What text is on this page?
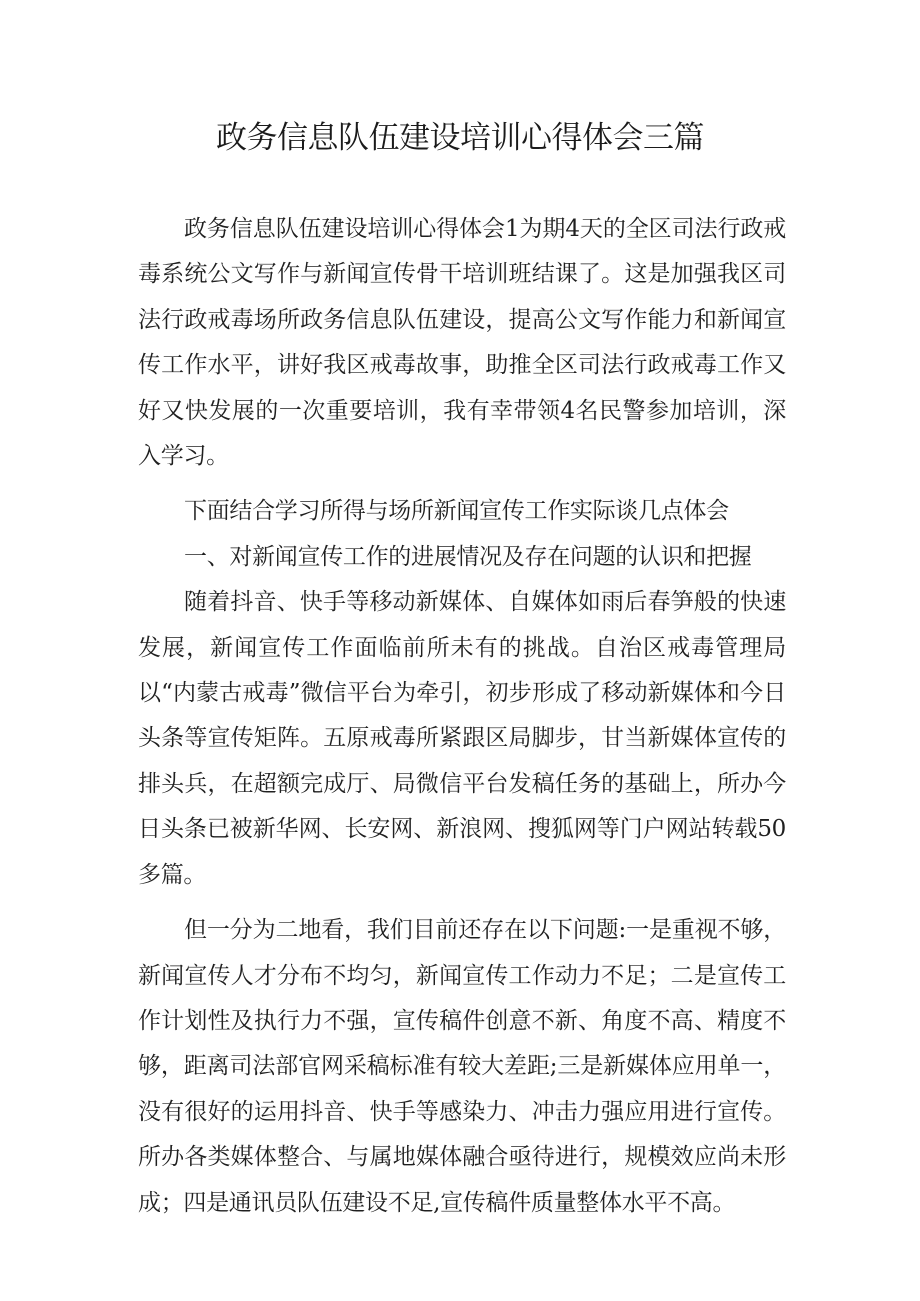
政务信息队伍建设培训心得体会三篇

政务信息队伍建设培训心得体会1为期4天的全区司法行政戒毒系统公文写作与新闻宣传骨干培训班结课了。这是加强我区司法行政戒毒场所政务信息队伍建设，提高公文写作能力和新闻宣传工作水平，讲好我区戒毒故事，助推全区司法行政戒毒工作又好又快发展的一次重要培训，我有幸带领4名民警参加培训，深入学习。

下面结合学习所得与场所新闻宣传工作实际谈几点体会

一、对新闻宣传工作的进展情况及存在问题的认识和把握

随着抖音、快手等移动新媒体、自媒体如雨后春笋般的快速发展，新闻宣传工作面临前所未有的挑战。自治区戒毒管理局以“内蒙古戒毒”微信平台为牵引，初步形成了移动新媒体和今日头条等宣传矩阵。五原戒毒所紧跟区局脚步，甘当新媒体宣传的排头兵，在超额完成厅、局微信平台发稿任务的基础上，所办今日头条已被新华网、长安网、新浪网、搜狐网等门户网站转载50多篇。

但一分为二地看，我们目前还存在以下问题:一是重视不够，新闻宣传人才分布不均匀，新闻宣传工作动力不足；二是宣传工作计划性及执行力不强，宣传稿件创意不新、角度不高、精度不够，距离司法部官网采稿标准有较大差距;三是新媒体应用单一，没有很好的运用抖音、快手等感染力、冲击力强应用进行宣传。所办各类媒体整合、与属地媒体融合亟待进行，规模效应尚未形成；四是通讯员队伍建设不足,宣传稿件质量整体水平不高。
